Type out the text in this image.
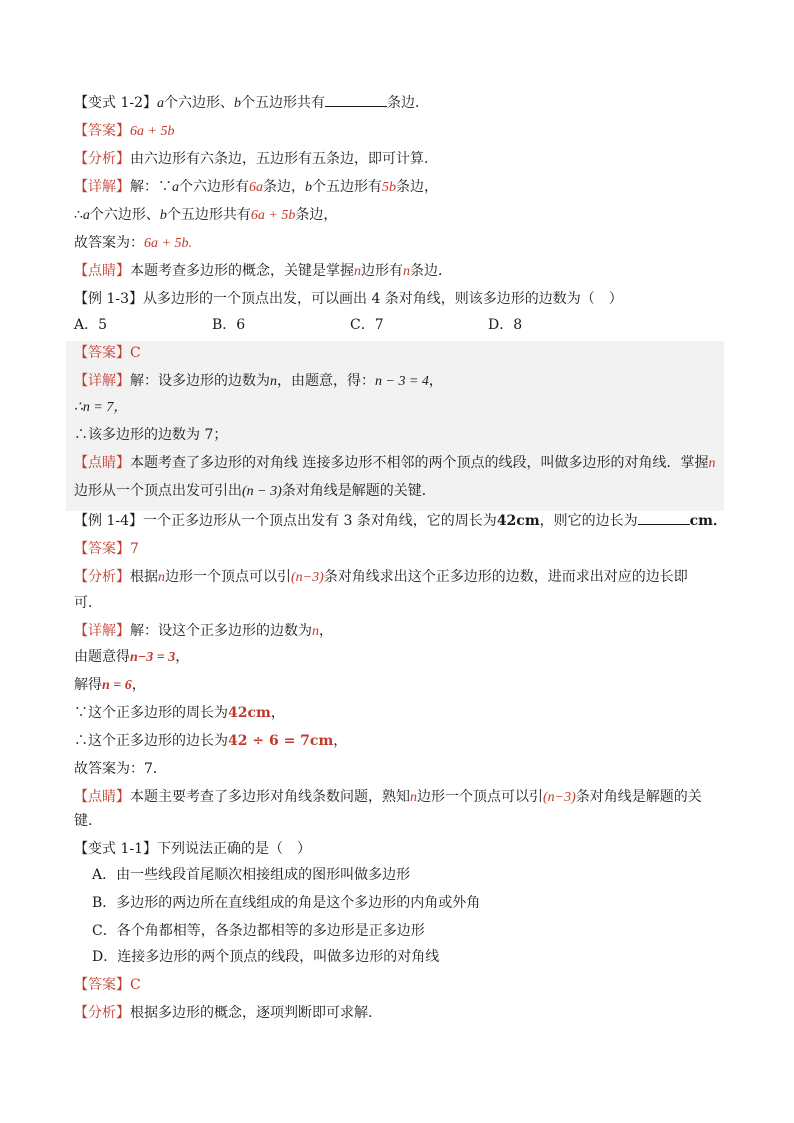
【变式 1-2】a个六边形、b个五边形共有	条边．
【答案】6a + 5b
【分析】由六边形有六条边，五边形有五条边，即可计算．
【详解】解：∵a个六边形有6a条边，b个五边形有5b条边，
∴a个六边形、b个五边形共有6a + 5b条边，
故答案为：6a + 5b.
【点睛】本题考查多边形的概念，关键是掌握n边形有n条边．
【例 1-3】从多边形的一个顶点出发，可以画出 4 条对角线，则该多边形的边数为（　）
A．5	B．6	C．7	D．8
【答案】C
【详解】解：设多边形的边数为n，由题意，得：n − 3 = 4，
∴n = 7，
∴该多边形的边数为 7；
【点睛】本题考查了多边形的对角线 连接多边形不相邻的两个顶点的线段，叫做多边形的对角线．掌握n
边形从一个顶点出发可引出(n − 3)条对角线是解题的关键．
【例 1-4】一个正多边形从一个顶点出发有 3 条对角线，它的周长为42cm，则它的边长为	cm．
【答案】7
【分析】根据n边形一个顶点可以引(n−3)条对角线求出这个正多边形的边数，进而求出对应的边长即
可．
【详解】解：设这个正多边形的边数为n，
由题意得n−3 = 3，
解得n = 6，
∵这个正多边形的周长为42cm，
∴这个正多边形的边长为42 ÷ 6 = 7cm，
故答案为：7．
【点睛】本题主要考查了多边形对角线条数问题，熟知n边形一个顶点可以引(n−3)条对角线是解题的关
键．
【变式 1-1】下列说法正确的是（　）
A．由一些线段首尾顺次相接组成的图形叫做多边形
B．多边形的两边所在直线组成的角是这个多边形的内角或外角
C．各个角都相等，各条边都相等的多边形是正多边形
D．连接多边形的两个顶点的线段，叫做多边形的对角线
【答案】C
【分析】根据多边形的概念，逐项判断即可求解．
